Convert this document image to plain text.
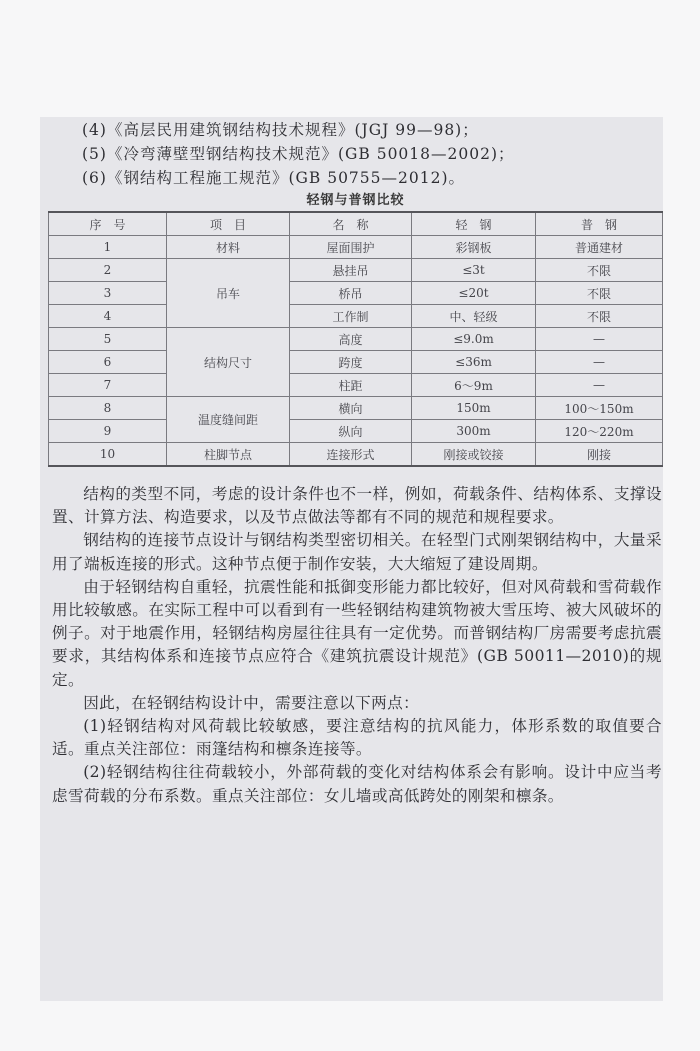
(4)《高层民用建筑钢结构技术规程》(JGJ 99—98)；
(5)《冷弯薄壁型钢结构技术规范》(GB 50018—2002)；
(6)《钢结构工程施工规范》(GB 50755—2012)。
轻钢与普钢比较
序　号	项　目	名　称	轻　钢	普　钢
1	材料	屋面围护	彩钢板	普通建材
2	吊车	悬挂吊	≤3t	不限
3		桥吊	≤20t	不限
4		工作制	中、轻级	不限
5	结构尺寸	高度	≤9.0m	—
6		跨度	≤36m	—
7		柱距	6～9m	—
8	温度缝间距	横向	150m	100～150m
9		纵向	300m	120～220m
10	柱脚节点	连接形式	刚接或铰接	刚接

结构的类型不同，考虑的设计条件也不一样，例如，荷载条件、结构体系、支撑设置、计算方法、构造要求，以及节点做法等都有不同的规范和规程要求。

钢结构的连接节点设计与钢结构类型密切相关。在轻型门式刚架钢结构中，大量采用了端板连接的形式。这种节点便于制作安装，大大缩短了建设周期。

由于轻钢结构自重轻，抗震性能和抵御变形能力都比较好，但对风荷载和雪荷载作用比较敏感。在实际工程中可以看到有一些轻钢结构建筑物被大雪压垮、被大风破坏的例子。对于地震作用，轻钢结构房屋往往具有一定优势。而普钢结构厂房需要考虑抗震要求，其结构体系和连接节点应符合《建筑抗震设计规范》(GB 50011—2010)的规定。

因此，在轻钢结构设计中，需要注意以下两点：

(1)轻钢结构对风荷载比较敏感，要注意结构的抗风能力，体形系数的取值要合适。重点关注部位：雨篷结构和檩条连接等。

(2)轻钢结构往往荷载较小，外部荷载的变化对结构体系会有影响。设计中应当考虑雪荷载的分布系数。重点关注部位：女儿墙或高低跨处的刚架和檩条。
